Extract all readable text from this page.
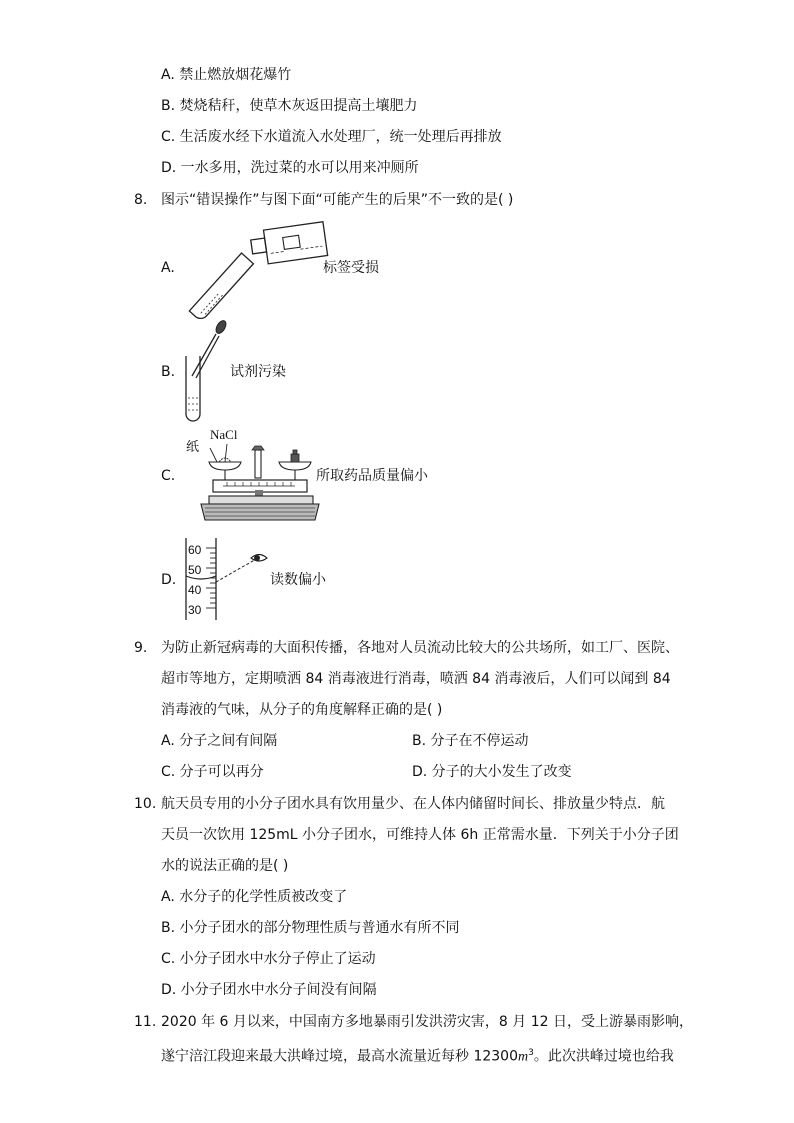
A. 禁止燃放烟花爆竹
B. 焚烧秸秆，使草木灰返田提高土壤肥力
C. 生活废水经下水道流入水处理厂，统一处理后再排放
D. 一水多用，洗过菜的水可以用来冲厕所
8. 图示“错误操作”与图下面“可能产生的后果”不一致的是( )
A.	标签受损
B.	试剂污染
C.
NaCl
纸
所取药品质量偏小
D.
60
50
40
30
读数偏小
9. 为防止新冠病毒的大面积传播，各地对人员流动比较大的公共场所，如工厂、医院、
超市等地方，定期喷洒 84 消毒液进行消毒，喷洒 84 消毒液后，人们可以闻到 84
消毒液的气味，从分子的角度解释正确的是( )
A. 分子之间有间隔	B. 分子在不停运动
C. 分子可以再分	D. 分子的大小发生了改变
10. 航天员专用的小分子团水具有饮用量少、在人体内储留时间长、排放量少特点．航
天员一次饮用 125mL 小分子团水，可维持人体 6h 正常需水量．下列关于小分子团
水的说法正确的是( )
A. 水分子的化学性质被改变了
B. 小分子团水的部分物理性质与普通水有所不同
C. 小分子团水中水分子停止了运动
D. 小分子团水中水分子间没有间隔
11. 2020 年 6 月以来，中国南方多地暴雨引发洪涝灾害，8 月 12 日，受上游暴雨影响，
遂宁涪江段迎来最大洪峰过境，最高水流量近每秒 $12300m^3$。此次洪峰过境也给我
